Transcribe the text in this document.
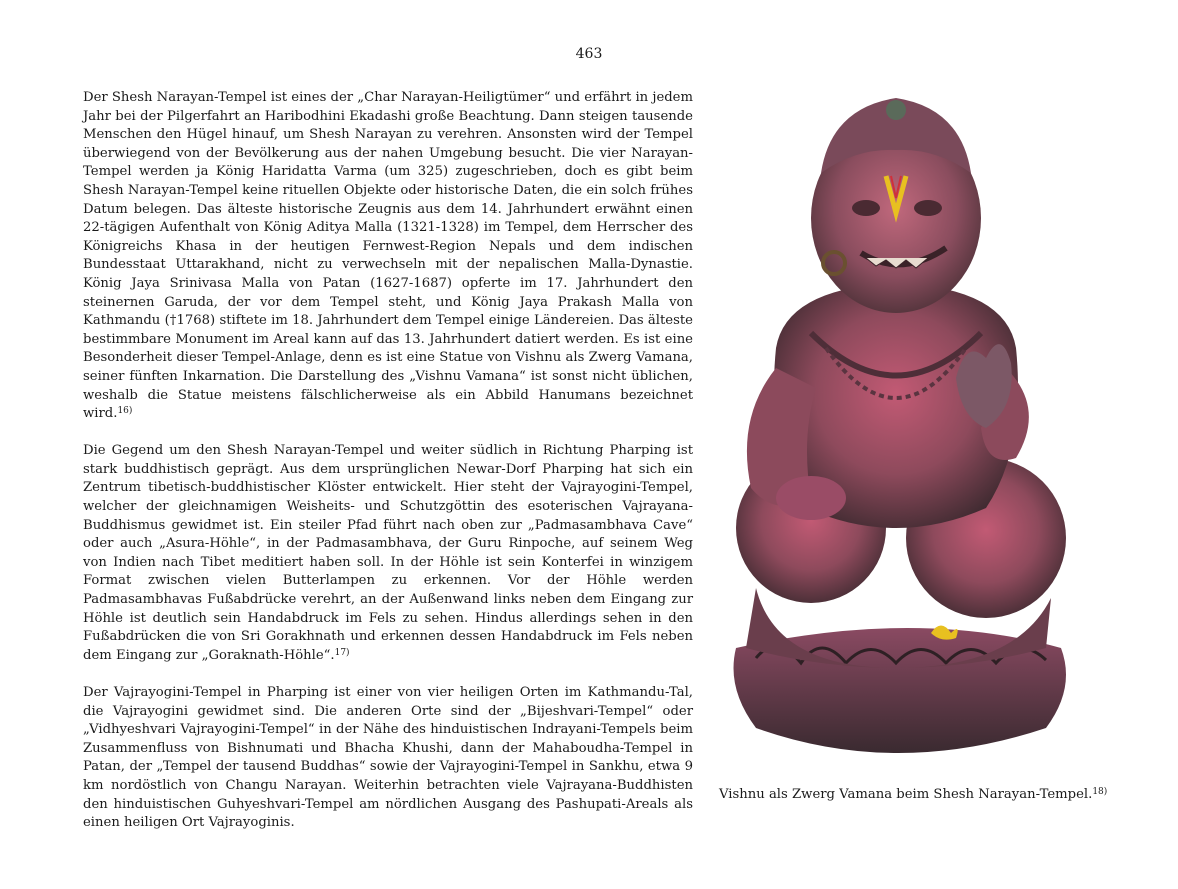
463

Der Shesh Narayan-Tempel ist eines der „Char Narayan-Heiligtümer“ und erfährt in jedem Jahr bei der Pilgerfahrt an Haribodhini Ekadashi große Beachtung. Dann steigen tausende Menschen den Hügel hinauf, um Shesh Narayan zu verehren. Ansonsten wird der Tempel überwiegend von der Bevölkerung aus der nahen Umgebung besucht. Die vier Narayan-Tempel werden ja König Haridatta Varma (um 325) zugeschrieben, doch es gibt beim Shesh Narayan-Tempel keine rituellen Objekte oder historische Daten, die ein solch frühes Datum belegen. Das älteste historische Zeugnis aus dem 14. Jahrhundert erwähnt einen 22-tägigen Aufenthalt von König Aditya Malla (1321-1328) im Tempel, dem Herrscher des Königreichs Khasa in der heutigen Fernwest-Region Nepals und dem indischen Bundesstaat Uttarakhand, nicht zu verwechseln mit der nepalischen Malla-Dynastie. König Jaya Srinivasa Malla von Patan (1627-1687) opferte im 17. Jahrhundert den steinernen Garuda, der vor dem Tempel steht, und König Jaya Prakash Malla von Kathmandu (†1768) stiftete im 18. Jahrhundert dem Tempel einige Ländereien. Das älteste bestimmbare Monument im Areal kann auf das 13. Jahrhundert datiert werden. Es ist eine Besonderheit dieser Tempel-Anlage, denn es ist eine Statue von Vishnu als Zwerg Vamana, seiner fünften Inkarnation. Die Darstellung des „Vishnu Vamana“ ist sonst nicht üblichen, weshalb die Statue meistens fälschlicherweise als ein Abbild Hanumans bezeichnet wird.$^{16)}$

Die Gegend um den Shesh Narayan-Tempel und weiter südlich in Richtung Pharping ist stark buddhistisch geprägt. Aus dem ursprünglichen Newar-Dorf Pharping hat sich ein Zentrum tibetisch-buddhistischer Klöster entwickelt. Hier steht der Vajrayogini-Tempel, welcher der gleichnamigen Weisheits- und Schutzgöttin des esoterischen Vajrayana-Buddhismus gewidmet ist. Ein steiler Pfad führt nach oben zur „Padmasambhava Cave“ oder auch „Asura-Höhle“, in der Padmasambhava, der Guru Rinpoche, auf seinem Weg von Indien nach Tibet meditiert haben soll. In der Höhle ist sein Konterfei in winzigem Format zwischen vielen Butterlampen zu erkennen. Vor der Höhle werden Padmasambhavas Fußabdrücke verehrt, an der Außenwand links neben dem Eingang zur Höhle ist deutlich sein Handabdruck im Fels zu sehen. Hindus allerdings sehen in den Fußabdrücken die von Sri Gorakhnath und erkennen dessen Handabdruck im Fels neben dem Eingang zur „Goraknath-Höhle“.$^{17)}$

Der Vajrayogini-Tempel in Pharping ist einer von vier heiligen Orten im Kathmandu-Tal, die Vajrayogini gewidmet sind. Die anderen Orte sind der „Bijeshvari-Tempel“ oder „Vidhyeshvari Vajrayogini-Tempel“ in der Nähe des hinduistischen Indrayani-Tempels beim Zusammenfluss von Bishnumati und Bhacha Khushi, dann der Mahaboudha-Tempel in Patan, der „Tempel der tausend Buddhas“ sowie der Vajrayogini-Tempel in Sankhu, etwa 9 km nordöstlich von Changu Narayan. Weiterhin betrachten viele Vajrayana-Buddhisten den hinduistischen Guhyeshvari-Tempel am nördlichen Ausgang des Pashupati-Areals als einen heiligen Ort Vajrayoginis.

Vishnu als Zwerg Vamana beim Shesh Narayan-Tempel.$^{18)}$
